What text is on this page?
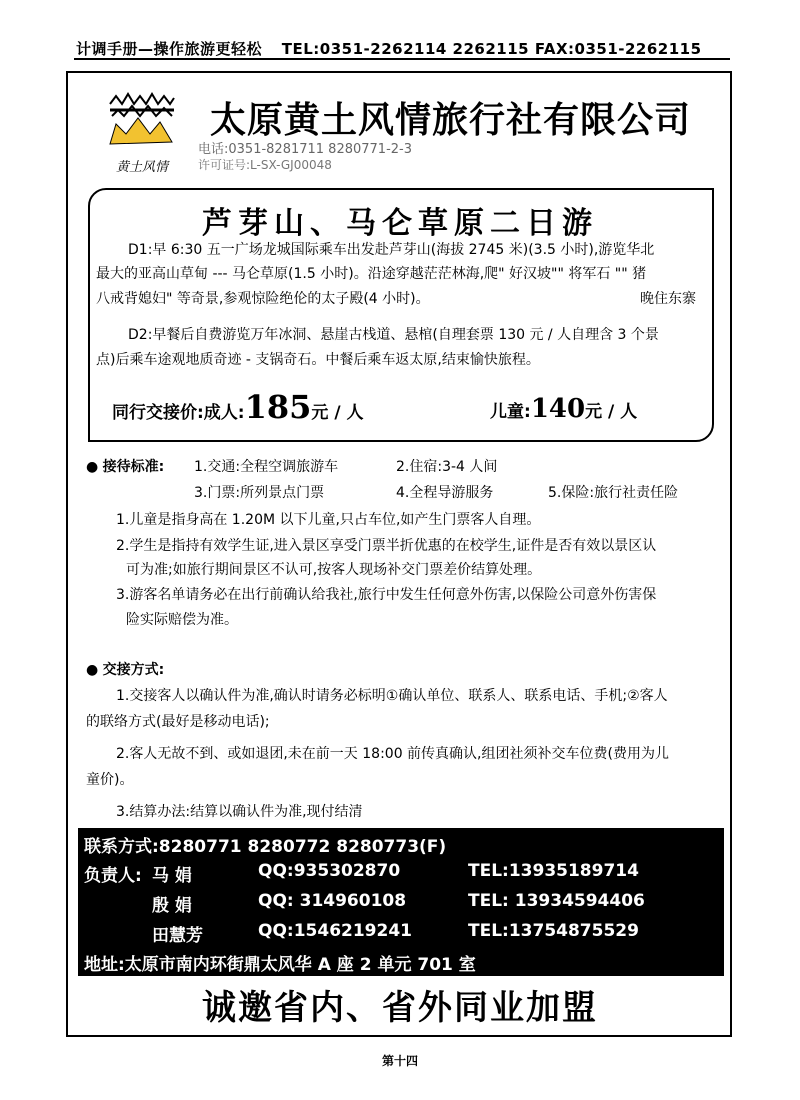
计调手册—操作旅游更轻松 TEL:0351-2262114 2262115 FAX:0351-2262115
黄土风情
太原黄土风情旅行社有限公司
电话:0351-8281711 8280771-2-3
许可证号:L-SX-GJ00048
芦芽山、马仑草原二日游
D1:早 6:30 五一广场龙城国际乘车出发赴芦芽山(海拔 2745 米)(3.5 小时),游览华北
最大的亚高山草甸 --- 马仑草原(1.5 小时)。沿途穿越茫茫林海,爬" 好汉坡"" 将军石 "" 猪
八戒背媳妇" 等奇景,参观惊险绝伦的太子殿(4 小时)。	晚住东寨
D2:早餐后自费游览万年冰洞、悬崖古栈道、悬棺(自理套票 130 元 / 人自理含 3 个景
点)后乘车途观地质奇迹 - 支锅奇石。中餐后乘车返太原,结束愉快旅程。
同行交接价:成人:185元 / 人	儿童:140元 / 人
● 接待标准: 1.交通:全程空调旅游车	2.住宿:3-4 人间
3.门票:所列景点门票	4.全程导游服务	5.保险:旅行社责任险
1.儿童是指身高在 1.20M 以下儿童,只占车位,如产生门票客人自理。
2.学生是指持有效学生证,进入景区享受门票半折优惠的在校学生,证件是否有效以景区认
可为准;如旅行期间景区不认可,按客人现场补交门票差价结算处理。
3.游客名单请务必在出行前确认给我社,旅行中发生任何意外伤害,以保险公司意外伤害保
险实际赔偿为准。
● 交接方式:
1.交接客人以确认件为准,确认时请务必标明①确认单位、联系人、联系电话、手机;②客人
的联络方式(最好是移动电话);
2.客人无故不到、或如退团,未在前一天 18:00 前传真确认,组团社须补交车位费(费用为儿
童价)。
3.结算办法:结算以确认件为准,现付结清
联系方式:8280771 8280772 8280773(F)
负责人: 马 娟	QQ:935302870	TEL:13935189714
殷 娟	QQ: 314960108	TEL: 13934594406
田慧芳	QQ:1546219241	TEL:13754875529
地址:太原市南内环街鼎太风华 A 座 2 单元 701 室
诚邀省内、省外同业加盟
第十四
